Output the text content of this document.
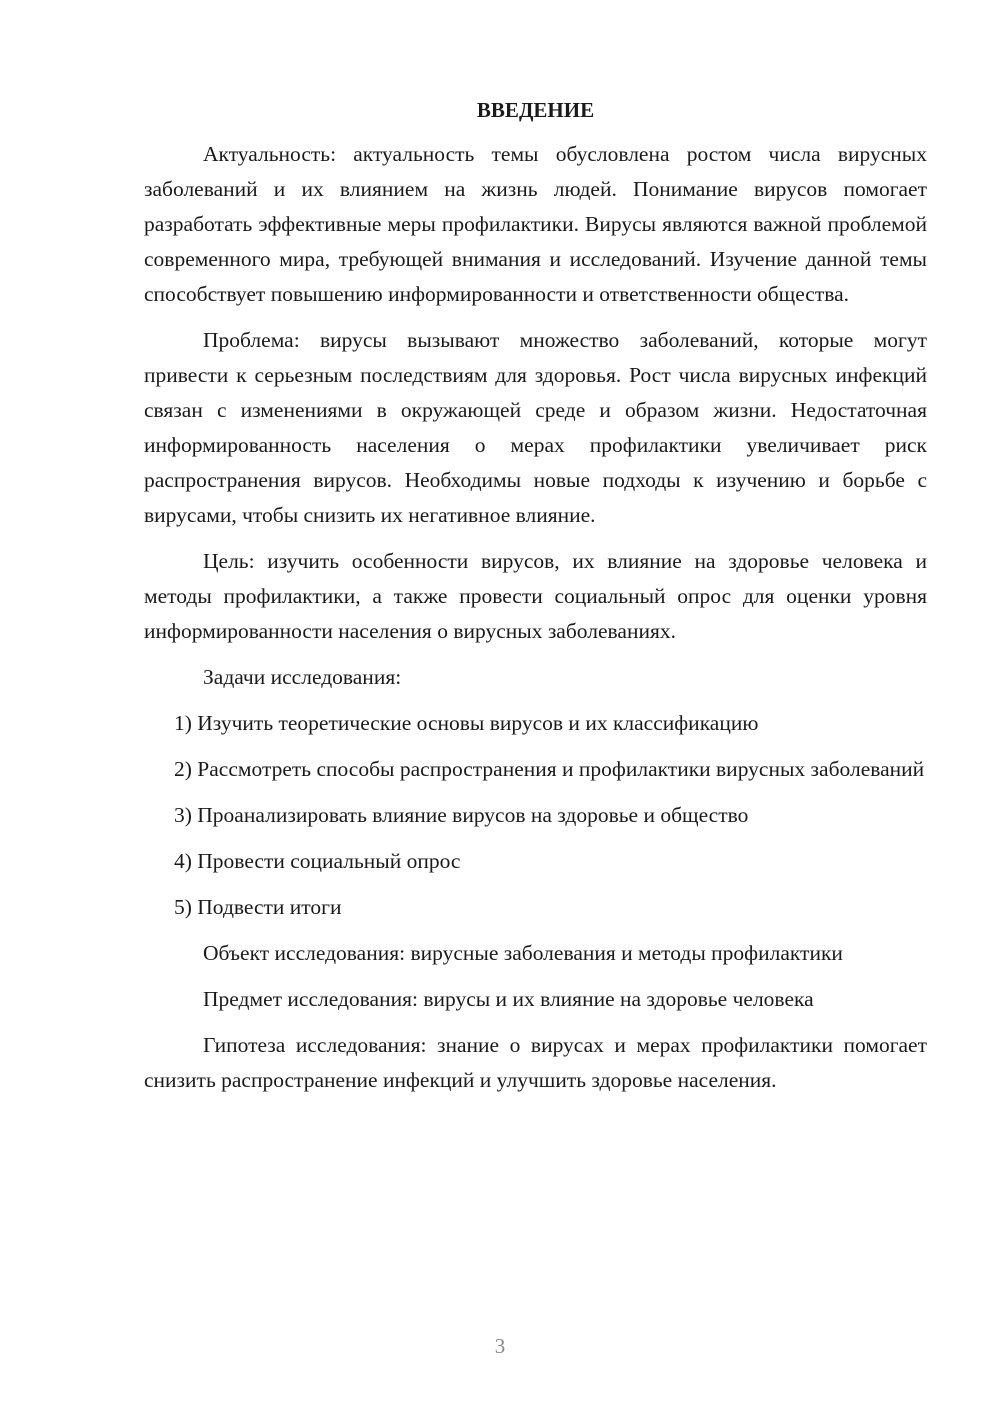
ВВЕДЕНИЕ

Актуальность: актуальность темы обусловлена ростом числа вирусных заболеваний и их влиянием на жизнь людей. Понимание вирусов помогает разработать эффективные меры профилактики. Вирусы являются важной проблемой современного мира, требующей внимания и исследований. Изучение данной темы способствует повышению информированности и ответственности общества.

Проблема: вирусы вызывают множество заболеваний, которые могут привести к серьезным последствиям для здоровья. Рост числа вирусных инфекций связан с изменениями в окружающей среде и образом жизни. Недостаточная информированность населения о мерах профилактики увеличивает риск распространения вирусов. Необходимы новые подходы к изучению и борьбе с вирусами, чтобы снизить их негативное влияние.

Цель: изучить особенности вирусов, их влияние на здоровье человека и методы профилактики, а также провести социальный опрос для оценки уровня информированности населения о вирусных заболеваниях.

Задачи исследования:

1) Изучить теоретические основы вирусов и их классификацию

2) Рассмотреть способы распространения и профилактики вирусных заболеваний

3) Проанализировать влияние вирусов на здоровье и общество

4) Провести социальный опрос

5) Подвести итоги

Объект исследования: вирусные заболевания и методы профилактики

Предмет исследования: вирусы и их влияние на здоровье человека

Гипотеза исследования: знание о вирусах и мерах профилактики помогает снизить распространение инфекций и улучшить здоровье населения.

3
